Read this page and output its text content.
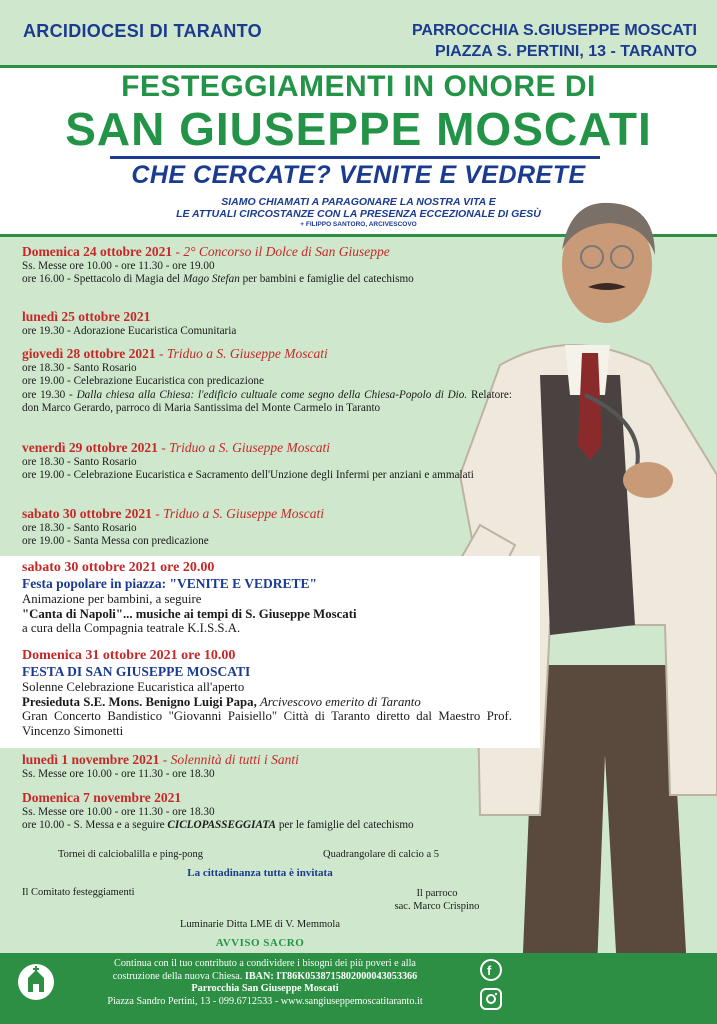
ARCIDIOCESI DI TARANTO	PARROCCHIA S.GIUSEPPE MOSCATI
PIAZZA S. PERTINI, 13 - TARANTO
FESTEGGIAMENTI IN ONORE DI
SAN GIUSEPPE MOSCATI
CHE CERCATE? VENITE E VEDRETE
SIAMO CHIAMATI A PARAGONARE LA NOSTRA VITA E
LE ATTUALI CIRCOSTANZE CON LA PRESENZA ECCEZIONALE DI GESÙ
+ FILIPPO SANTORO, ARCIVESCOVO
Domenica 24 ottobre 2021 - 2° Concorso il Dolce di San Giuseppe
Ss. Messe ore 10.00 - ore 11.30 - ore 19.00
ore 16.00 - Spettacolo di Magia del Mago Stefan per bambini e famiglie del catechismo
lunedì 25 ottobre 2021
ore 19.30 - Adorazione Eucaristica Comunitaria
giovedì 28 ottobre 2021 - Triduo a S. Giuseppe Moscati
ore 18.30 - Santo Rosario
ore 19.00 - Celebrazione Eucaristica con predicazione
ore 19.30 - Dalla chiesa alla Chiesa: l'edificio cultuale come segno della Chiesa-Popolo di Dio. Relatore: don Marco Gerardo, parroco di Maria Santissima del Monte Carmelo in Taranto
venerdì 29 ottobre 2021 - Triduo a S. Giuseppe Moscati
ore 18.30 - Santo Rosario
ore 19.00 - Celebrazione Eucaristica e Sacramento dell'Unzione degli Infermi per anziani e ammalati
sabato 30 ottobre 2021 - Triduo a S. Giuseppe Moscati
ore 18.30 - Santo Rosario
ore 19.00 - Santa Messa con predicazione
sabato 30 ottobre 2021 ore 20.00
Festa popolare in piazza: "VENITE E VEDRETE"
Animazione per bambini, a seguire
"Canta di Napoli"... musiche ai tempi di S. Giuseppe Moscati
a cura della Compagnia teatrale K.I.S.S.A.
Domenica 31 ottobre 2021 ore 10.00
FESTA DI SAN GIUSEPPE MOSCATI
Solenne Celebrazione Eucaristica all'aperto
Presieduta S.E. Mons. Benigno Luigi Papa, Arcivescovo emerito di Taranto
Gran Concerto Bandistico "Giovanni Paisiello" Città di Taranto diretto dal Maestro Prof. Vincenzo Simonetti
lunedì 1 novembre 2021 - Solennità di tutti i Santi
Ss. Messe ore 10.00 - ore 11.30 - ore 18.30
Domenica 7 novembre 2021
Ss. Messe ore 10.00 - ore 11.30 - ore 18.30
ore 10.00 - S. Messa e a seguire CICLOPASSEGGIATA per le famiglie del catechismo
Tornei di calciobalilla e ping-pong	Quadrangolare di calcio a 5
La cittadinanza tutta è invitata
Il Comitato festeggiamenti	Il parroco
sac. Marco Crispino
Luminarie Ditta LME di V. Memmola
AVVISO SACRO
Continua con il tuo contributo a condividere i bisogni dei più poveri e alla
costruzione della nuova Chiesa. IBAN: IT86K0538715802000043053366
Parrocchia San Giuseppe Moscati
Piazza Sandro Pertini, 13 - 099.6712533 - www.sangiuseppemoscatitaranto.it
f
